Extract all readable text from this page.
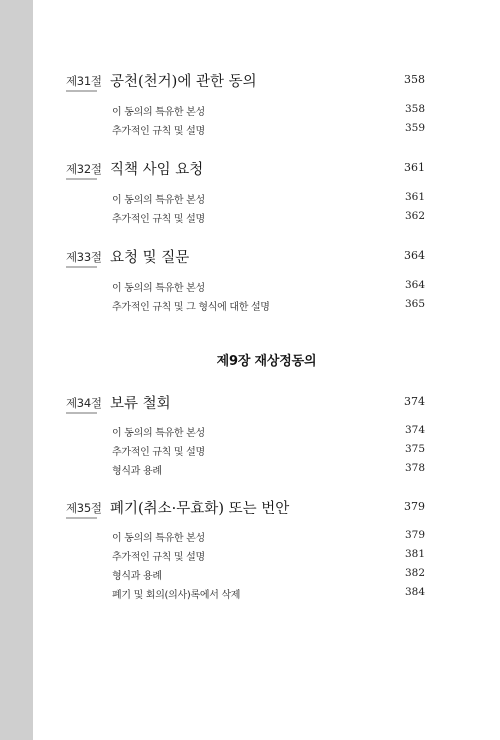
제31절 공천(천거)에 관한 동의	358
이 동의의 특유한 본성	358
추가적인 규칙 및 설명	359
제32절 직책 사임 요청	361
이 동의의 특유한 본성	361
추가적인 규칙 및 설명	362
제33절 요청 및 질문	364
이 동의의 특유한 본성	364
추가적인 규칙 및 그 형식에 대한 설명	365
제9장 재상정동의
제34절 보류 철회	374
이 동의의 특유한 본성	374
추가적인 규칙 및 설명	375
형식과 용례	378
제35절 폐기(취소·무효화) 또는 번안	379
이 동의의 특유한 본성	379
추가적인 규칙 및 설명	381
형식과 용례	382
폐기 및 회의(의사)록에서 삭제	384
